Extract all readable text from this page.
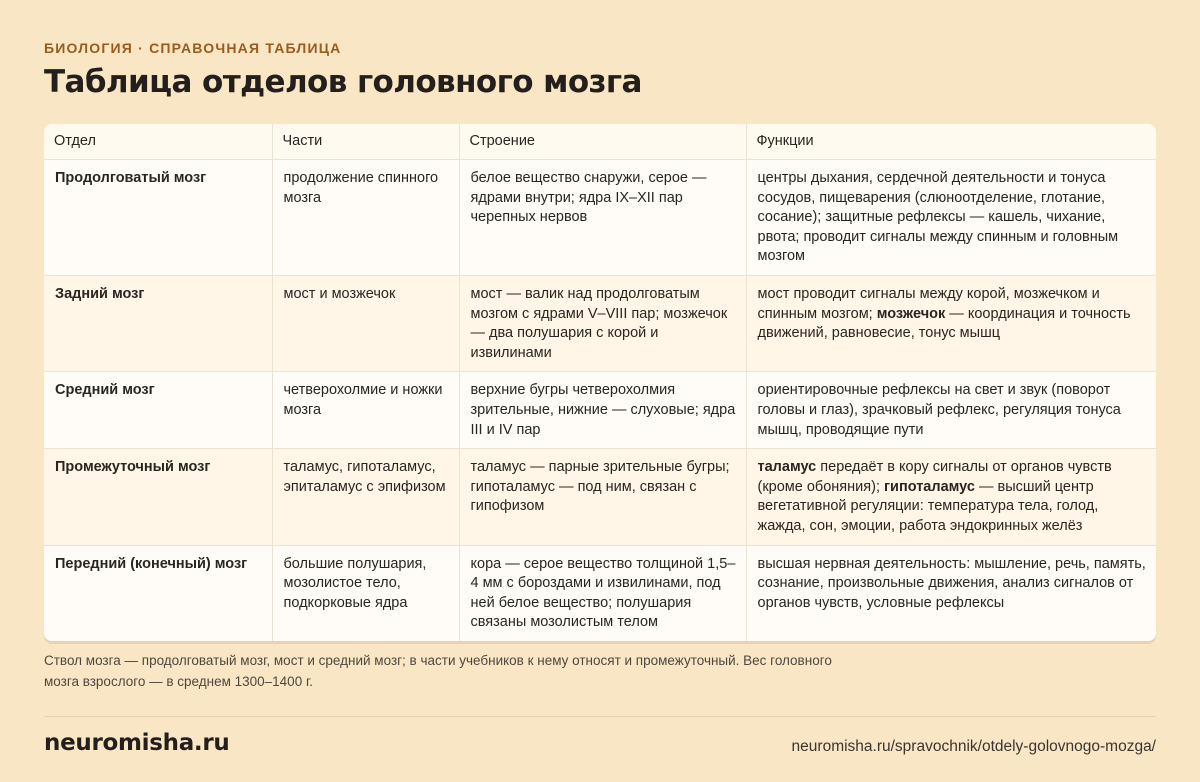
БИОЛОГИЯ · СПРАВОЧНАЯ ТАБЛИЦА
Таблица отделов головного мозга
Отдел	Части	Строение	Функции
Продолговатый мозг	продолжение спинного мозга	белое вещество снаружи, серое — ядрами внутри; ядра IX–XII пар черепных нервов	центры дыхания, сердечной деятельности и тонуса сосудов, пищеварения (слюноотделение, глотание, сосание); защитные рефлексы — кашель, чихание, рвота; проводит сигналы между спинным и головным мозгом
Задний мозг	мост и мозжечок	мост — валик над продолговатым мозгом с ядрами V–VIII пар; мозжечок — два полушария с корой и извилинами	мост проводит сигналы между корой, мозжечком и спинным мозгом; мозжечок — координация и точность движений, равновесие, тонус мышц
Средний мозг	четверохолмие и ножки мозга	верхние бугры четверохолмия зрительные, нижние — слуховые; ядра III и IV пар	ориентировочные рефлексы на свет и звук (поворот головы и глаз), зрачковый рефлекс, регуляция тонуса мышц, проводящие пути
Промежуточный мозг	таламус, гипоталамус, эпиталамус с эпифизом	таламус — парные зрительные бугры; гипоталамус — под ним, связан с гипофизом	таламус передаёт в кору сигналы от органов чувств (кроме обоняния); гипоталамус — высший центр вегетативной регуляции: температура тела, голод, жажда, сон, эмоции, работа эндокринных желёз
Передний (конечный) мозг	большие полушария, мозолистое тело, подкорковые ядра	кора — серое вещество толщиной 1,5–4 мм с бороздами и извилинами, под ней белое вещество; полушария связаны мозолистым телом	высшая нервная деятельность: мышление, речь, память, сознание, произвольные движения, анализ сигналов от органов чувств, условные рефлексы
Ствол мозга — продолговатый мозг, мост и средний мозг; в части учебников к нему относят и промежуточный. Вес головного мозга взрослого — в среднем 1300–1400 г.
neuromisha.ru	neuromisha.ru/spravochnik/otdely-golovnogo-mozga/
